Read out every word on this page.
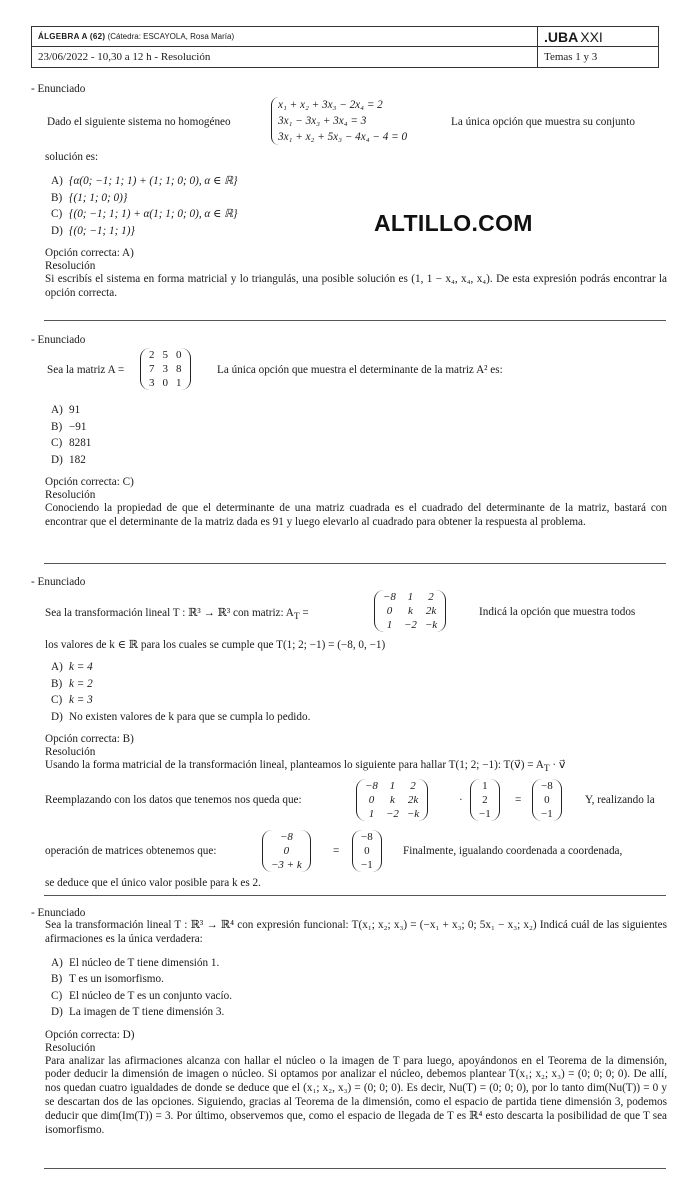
ÁLGEBRA A (62) (Cátedra: ESCAYOLA, Rosa María)	.UBA XXI
23/06/2022 - 10,30 a 12 h - Resolución	Temas 1 y 3
ALTILLO.COM

- Enunciado

Dado el siguiente sistema no homogéneo
x₁ + x₂ + 3x₃ − 2x₄ = 2
3x₁ − 3x₃ + 3x₄ = 3
3x₁ + x₂ + 5x₃ − 4x₄ − 4 = 0
La única opción que muestra su conjunto

solución es:

A) {α(0; −1; 1; 1) + (1; 1; 0; 0), α ∈ ℝ}
B) {(1; 1; 0; 0)}
C) {(0; −1; 1; 1) + α(1; 1; 0; 0), α ∈ ℝ}
D) {(0; −1; 1; 1)}
Opción correcta: A)
Resolución

Si escribís el sistema en forma matricial y lo triangulás, una posible solución es (1, 1 − x₄, x₄, x₄). De esta expresión podrás encontrar la opción correcta.

- Enunciado

Sea la matriz A =
2	5	0
7	3	8
3	0	1
La única opción que muestra el determinante de la matriz A² es:
A) 91
B) −91
C) 8281
D) 182
Opción correcta: C)
Resolución

Conociendo la propiedad de que el determinante de una matriz cuadrada es el cuadrado del determinante de la matriz, bastará con encontrar que el determinante de la matriz dada es 91 y luego elevarlo al cuadrado para obtener la respuesta al problema.

- Enunciado

Sea la transformación lineal T : ℝ³ → ℝ³ con matriz: $A_T$ =
−8	1	2
0	k	2k
1	−2	−k
Indicá la opción que muestra todos

los valores de k ∈ ℝ para los cuales se cumple que T(1; 2; −1) = (−8, 0, −1)

A) k = 4
B) k = 2
C) k = 3
D) No existen valores de k para que se cumpla lo pedido.
Opción correcta: B)
Resolución

Usando la forma matricial de la transformación lineal, planteamos lo siguiente para hallar T(1; 2; −1): T(v⃗) = $A_T$ · v⃗

Reemplazando con los datos que tenemos nos queda que:
−8	1	2
0	k	2k
1	−2	−k
·
1
2
−1
=
−8
0
−1
Y, realizando la
operación de matrices obtenemos que:
−8
0
−3 + k
=
−8
0
−1
Finalmente, igualando coordenada a coordenada,

se deduce que el único valor posible para k es 2.

- Enunciado

Sea la transformación lineal T : ℝ³ → ℝ⁴ con expresión funcional: T(x₁; x₂; x₃) = (−x₁ + x₃; 0; 5x₁ − x₃; x₂) Indicá cuál de las siguientes afirmaciones es la única verdadera:

A) El núcleo de T tiene dimensión 1.
B) T es un isomorfismo.
C) El núcleo de T es un conjunto vacío.
D) La imagen de T tiene dimensión 3.
Opción correcta: D)
Resolución

Para analizar las afirmaciones alcanza con hallar el núcleo o la imagen de T para luego, apoyándonos en el Teorema de la dimensión, poder deducir la dimensión de imagen o núcleo. Si optamos por analizar el núcleo, debemos plantear T(x₁; x₂; x₃) = (0; 0; 0; 0). De allí, nos quedan cuatro igualdades de donde se deduce que el (x₁; x₂, x₃) = (0; 0; 0). Es decir, Nu(T) = (0; 0; 0), por lo tanto dim(Nu(T)) = 0 y se descartan dos de las opciones. Siguiendo, gracias al Teorema de la dimensión, como el espacio de partida tiene dimensión 3, podemos deducir que dim(Im(T)) = 3. Por último, observemos que, como el espacio de llegada de T es ℝ⁴ esto descarta la posibilidad de que T sea isomorfismo.
